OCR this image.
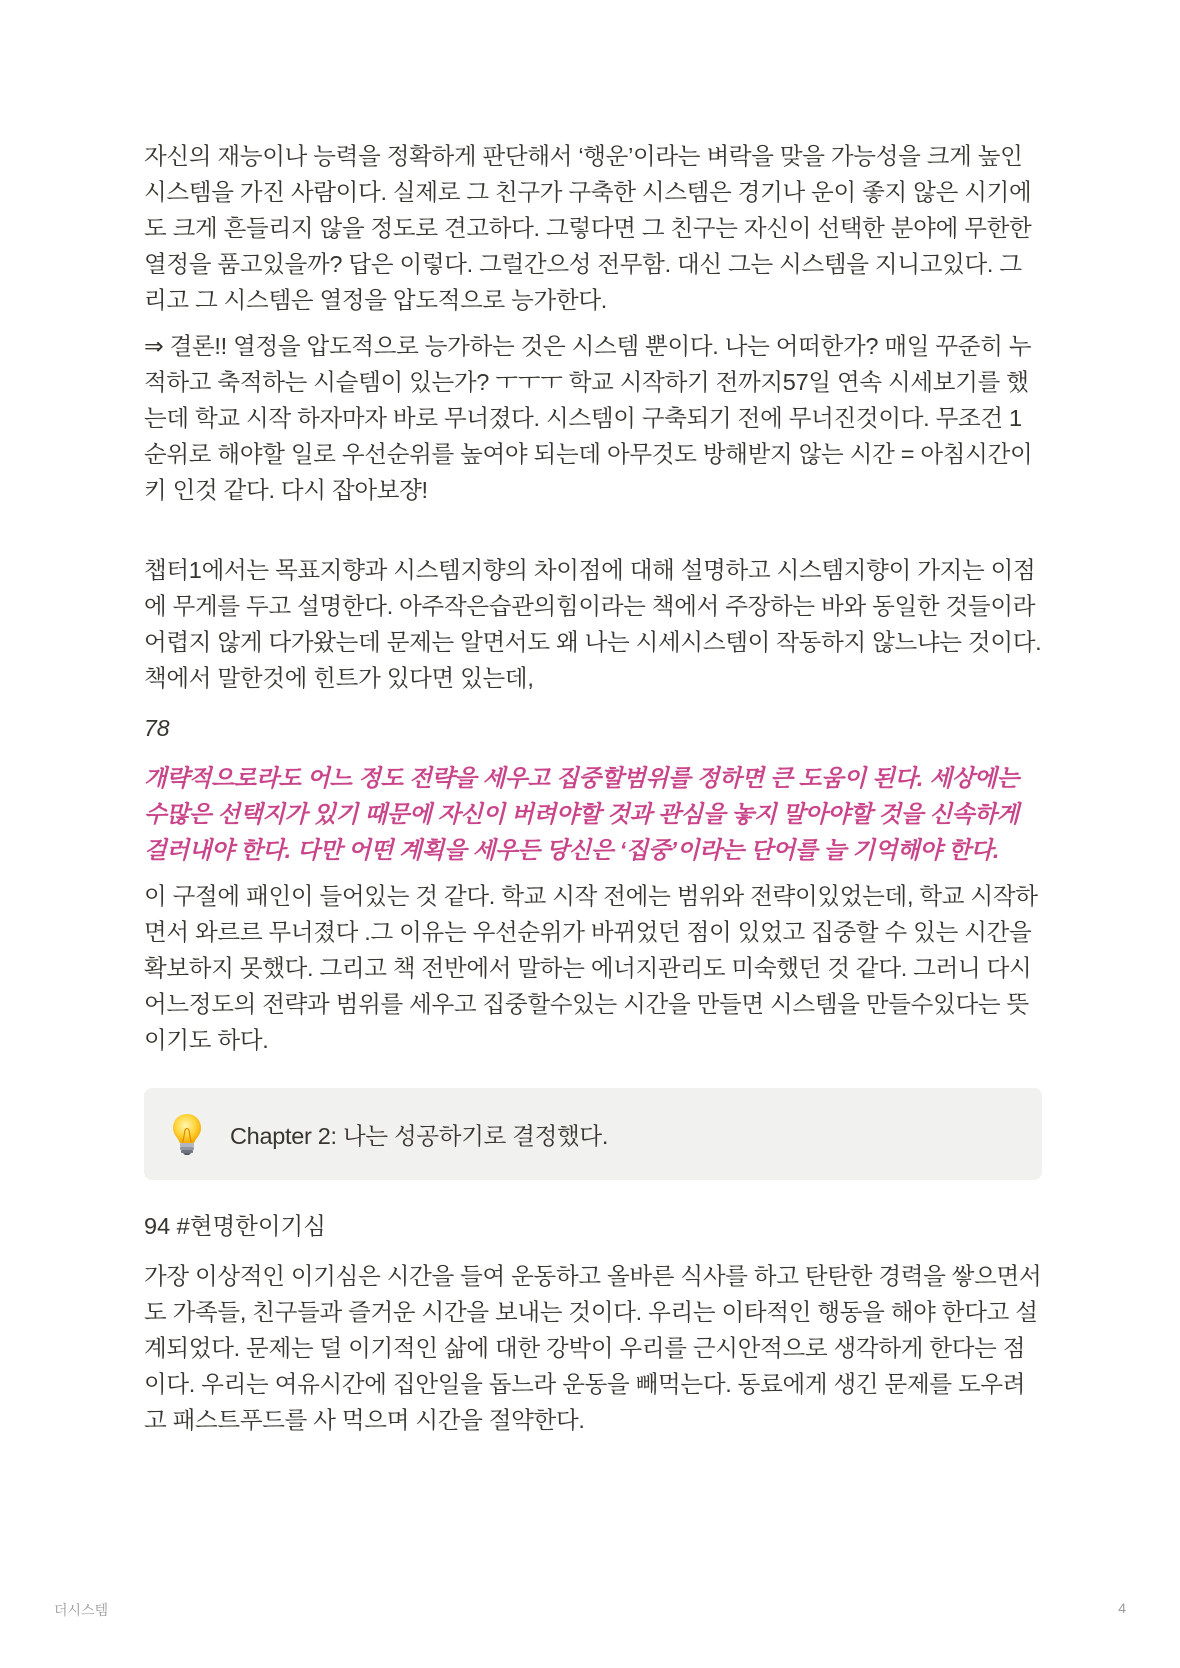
자신의 재능이나 능력을 정확하게 판단해서 ‘행운’이라는 벼락을 맞을 가능성을 크게 높인 시스템을 가진 사람이다. 실제로 그 친구가 구축한 시스템은 경기나 운이 좋지 않은 시기에도 크게 흔들리지 않을 정도로 견고하다. 그렇다면 그 친구는 자신이 선택한 분야에 무한한 열정을 품고있을까? 답은 이렇다. 그럴간으성 전무함. 대신 그는 시스템을 지니고있다. 그리고 그 시스템은 열정을 압도적으로 능가한다.

⇒ 결론!! 열정을 압도적으로 능가하는 것은 시스템 뿐이다. 나는 어떠한가? 매일 꾸준히 누적하고 축적하는 시슽템이 있는가? ㅜㅜㅜ 학교 시작하기 전까지57일 연속 시세보기를 했는데 학교 시작 하자마자 바로 무너졌다. 시스템이 구축되기 전에 무너진것이다. 무조건 1순위로 해야할 일로 우선순위를 높여야 되는데 아무것도 방해받지 않는 시간 = 아침시간이 키 인것 같다. 다시 잡아보쟝!

챕터1에서는 목표지향과 시스템지향의 차이점에 대해 설명하고 시스템지향이 가지는 이점에 무게를 두고 설명한다. 아주작은습관의힘이라는 책에서 주장하는 바와 동일한 것들이라 어렵지 않게 다가왔는데 문제는 알면서도 왜 나는 시세시스템이 작동하지 않느냐는 것이다. 책에서 말한것에 힌트가 있다면 있는데,

78

개략적으로라도 어느 정도 전략을 세우고 집중할범위를 정하면 큰 도움이 된다. 세상에는 수많은 선택지가 있기 때문에 자신이 버려야할 것과 관심을 놓지 말아야할 것을 신속하게 걸러내야 한다. 다만 어떤 계획을 세우든 당신은 ‘집중’이라는 단어를 늘 기억해야 한다.

이 구절에 패인이 들어있는 것 같다. 학교 시작 전에는 범위와 전략이있었는데, 학교 시작하면서 와르르 무너졌다 .그 이유는 우선순위가 바뀌었던 점이 있었고 집중할 수 있는 시간을 확보하지 못했다. 그리고 책 전반에서 말하는 에너지관리도 미숙했던 것 같다. 그러니 다시 어느정도의 전략과 범위를 세우고 집중할수있는 시간을 만들면 시스템을 만들수있다는 뜻이기도 하다.

Chapter 2: 나는 성공하기로 결정했다.

94 #현명한이기심

가장 이상적인 이기심은 시간을 들여 운동하고 올바른 식사를 하고 탄탄한 경력을 쌓으면서도 가족들, 친구들과 즐거운 시간을 보내는 것이다. 우리는 이타적인 행동을 해야 한다고 설계되었다. 문제는 덜 이기적인 삶에 대한 강박이 우리를 근시안적으로 생각하게 한다는 점이다. 우리는 여유시간에 집안일을 돕느라 운동을 빼먹는다. 동료에게 생긴 문제를 도우려고 패스트푸드를 사 먹으며 시간을 절약한다.

더시스템	4
